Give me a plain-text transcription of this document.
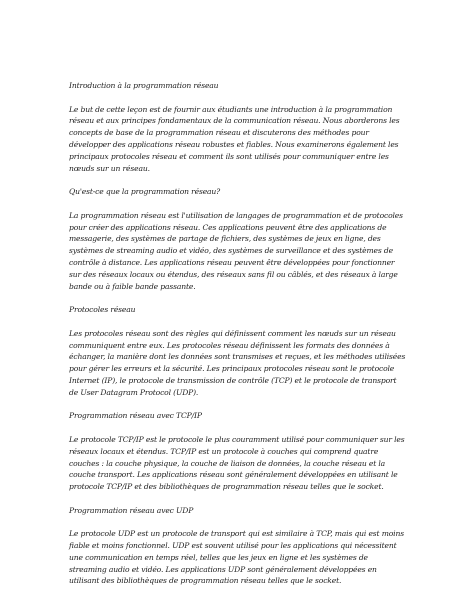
Introduction à la programmation réseau

Le but de cette leçon est de fournir aux étudiants une introduction à la programmation réseau et aux principes fondamentaux de la communication réseau. Nous aborderons les concepts de base de la programmation réseau et discuterons des méthodes pour développer des applications réseau robustes et fiables. Nous examinerons également les principaux protocoles réseau et comment ils sont utilisés pour communiquer entre les nœuds sur un réseau.

Qu'est-ce que la programmation réseau?

La programmation réseau est l'utilisation de langages de programmation et de protocoles pour créer des applications réseau. Ces applications peuvent être des applications de messagerie, des systèmes de partage de fichiers, des systèmes de jeux en ligne, des systèmes de streaming audio et vidéo, des systèmes de surveillance et des systèmes de contrôle à distance. Les applications réseau peuvent être développées pour fonctionner sur des réseaux locaux ou étendus, des réseaux sans fil ou câblés, et des réseaux à large bande ou à faible bande passante.

Protocoles réseau

Les protocoles réseau sont des règles qui définissent comment les nœuds sur un réseau communiquent entre eux. Les protocoles réseau définissent les formats des données à échanger, la manière dont les données sont transmises et reçues, et les méthodes utilisées pour gérer les erreurs et la sécurité. Les principaux protocoles réseau sont le protocole Internet (IP), le protocole de transmission de contrôle (TCP) et le protocole de transport de User Datagram Protocol (UDP).

Programmation réseau avec TCP/IP

Le protocole TCP/IP est le protocole le plus couramment utilisé pour communiquer sur les réseaux locaux et étendus. TCP/IP est un protocole à couches qui comprend quatre couches : la couche physique, la couche de liaison de données, la couche réseau et la couche transport. Les applications réseau sont généralement développées en utilisant le protocole TCP/IP et des bibliothèques de programmation réseau telles que le socket.

Programmation réseau avec UDP

Le protocole UDP est un protocole de transport qui est similaire à TCP, mais qui est moins fiable et moins fonctionnel. UDP est souvent utilisé pour les applications qui nécessitent une communication en temps réel, telles que les jeux en ligne et les systèmes de streaming audio et vidéo. Les applications UDP sont généralement développées en utilisant des bibliothèques de programmation réseau telles que le socket.
